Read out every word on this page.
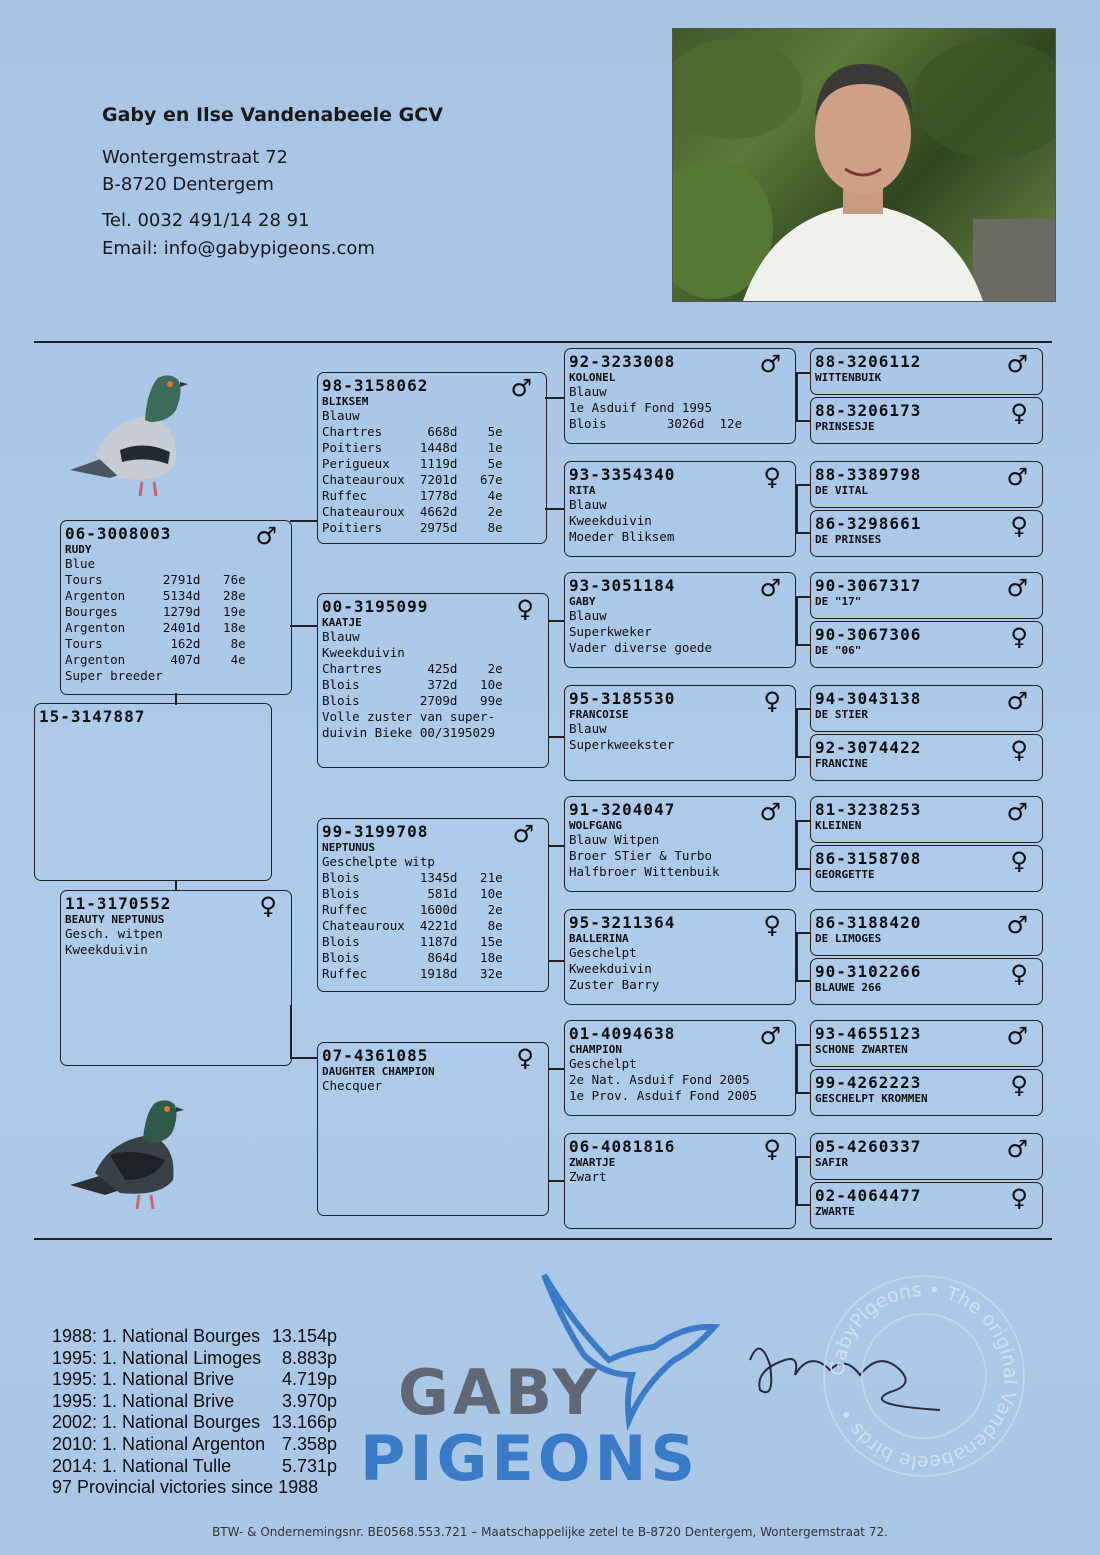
Gaby en Ilse Vandenabeele GCV
Wontergemstraat 72
B-8720 Dentergem
Tel. 0032 491/14 28 91
Email: info@gabypigeons.com
15-3147887
06-3008003
RUDY
Blue
Tours        2791d   76e
Argenton     5134d   28e
Bourges      1279d   19e
Argenton     2401d   18e
Tours         162d    8e
Argenton      407d    4e
Super breeder
♂
11-3170552
BEAUTY NEPTUNUS
Gesch. witpen
Kweekduivin
♀
98-3158062
BLIKSEM
Blauw
Chartres      668d    5e
Poitiers     1448d    1e
Perigueux    1119d    5e
Chateauroux  7201d   67e
Ruffec       1778d    4e
Chateauroux  4662d    2e
Poitiers     2975d    8e
♂
00-3195099
KAATJE
Blauw
Kweekduivin
Chartres      425d    2e
Blois         372d   10e
Blois        2709d   99e
Volle zuster van super-
duivin Bieke 00/3195029
♀
99-3199708
NEPTUNUS
Geschelpte witp
Blois        1345d   21e
Blois         581d   10e
Ruffec       1600d    2e
Chateauroux  4221d    8e
Blois        1187d   15e
Blois         864d   18e
Ruffec       1918d   32e
♂
07-4361085
DAUGHTER CHAMPION
Checquer
♀
92-3233008
KOLONEL
Blauw
1e Asduif Fond 1995
Blois        3026d  12e
♂
93-3354340
RITA
Blauw
Kweekduivin
Moeder Bliksem
♀
93-3051184
GABY
Blauw
Superkweker
Vader diverse goede
♂
95-3185530
FRANCOISE
Blauw
Superkweekster
♀
91-3204047
WOLFGANG
Blauw Witpen
Broer STier & Turbo
Halfbroer Wittenbuik
♂
95-3211364
BALLERINA
Geschelpt
Kweekduivin
Zuster Barry
♀
01-4094638
CHAMPION
Geschelpt
2e Nat. Asduif Fond 2005
1e Prov. Asduif Fond 2005
♂
06-4081816
ZWARTJE
Zwart
♀
88-3206112
WITTENBUIK	♂
88-3206173
PRINSESJE	♀
88-3389798
DE VITAL	♂
86-3298661
DE PRINSES	♀
90-3067317
DE "17"	♂
90-3067306
DE "06"	♀
94-3043138
DE STIER	♂
92-3074422
FRANCINE	♀
81-3238253
KLEINEN	♂
86-3158708
GEORGETTE	♀
86-3188420
DE LIMOGES	♂
90-3102266
BLAUWE 266	♀
93-4655123
SCHONE ZWARTEN	♂
99-4262223
GESCHELPT KROMMEN	♀
05-4260337
SAFIR	♂
02-4064477
ZWARTE	♀
1988: 1. National Bourges 13.154p
1995: 1. National Limoges 8.883p
1995: 1. National Brive	4.719p
1995: 1. National Brive	3.970p
2002: 1. National Bourges 13.166p
2010: 1. National Argenton 7.358p
2014: 1. National Tulle	5.731p
97 Provincial victories since 1988
GABY
PIGEONS
GabyPigeons • The original Vandenabeele birds •
BTW- & Ondernemingsnr. BE0568.553.721 – Maatschappelijke zetel te B-8720 Dentergem, Wontergemstraat 72.
